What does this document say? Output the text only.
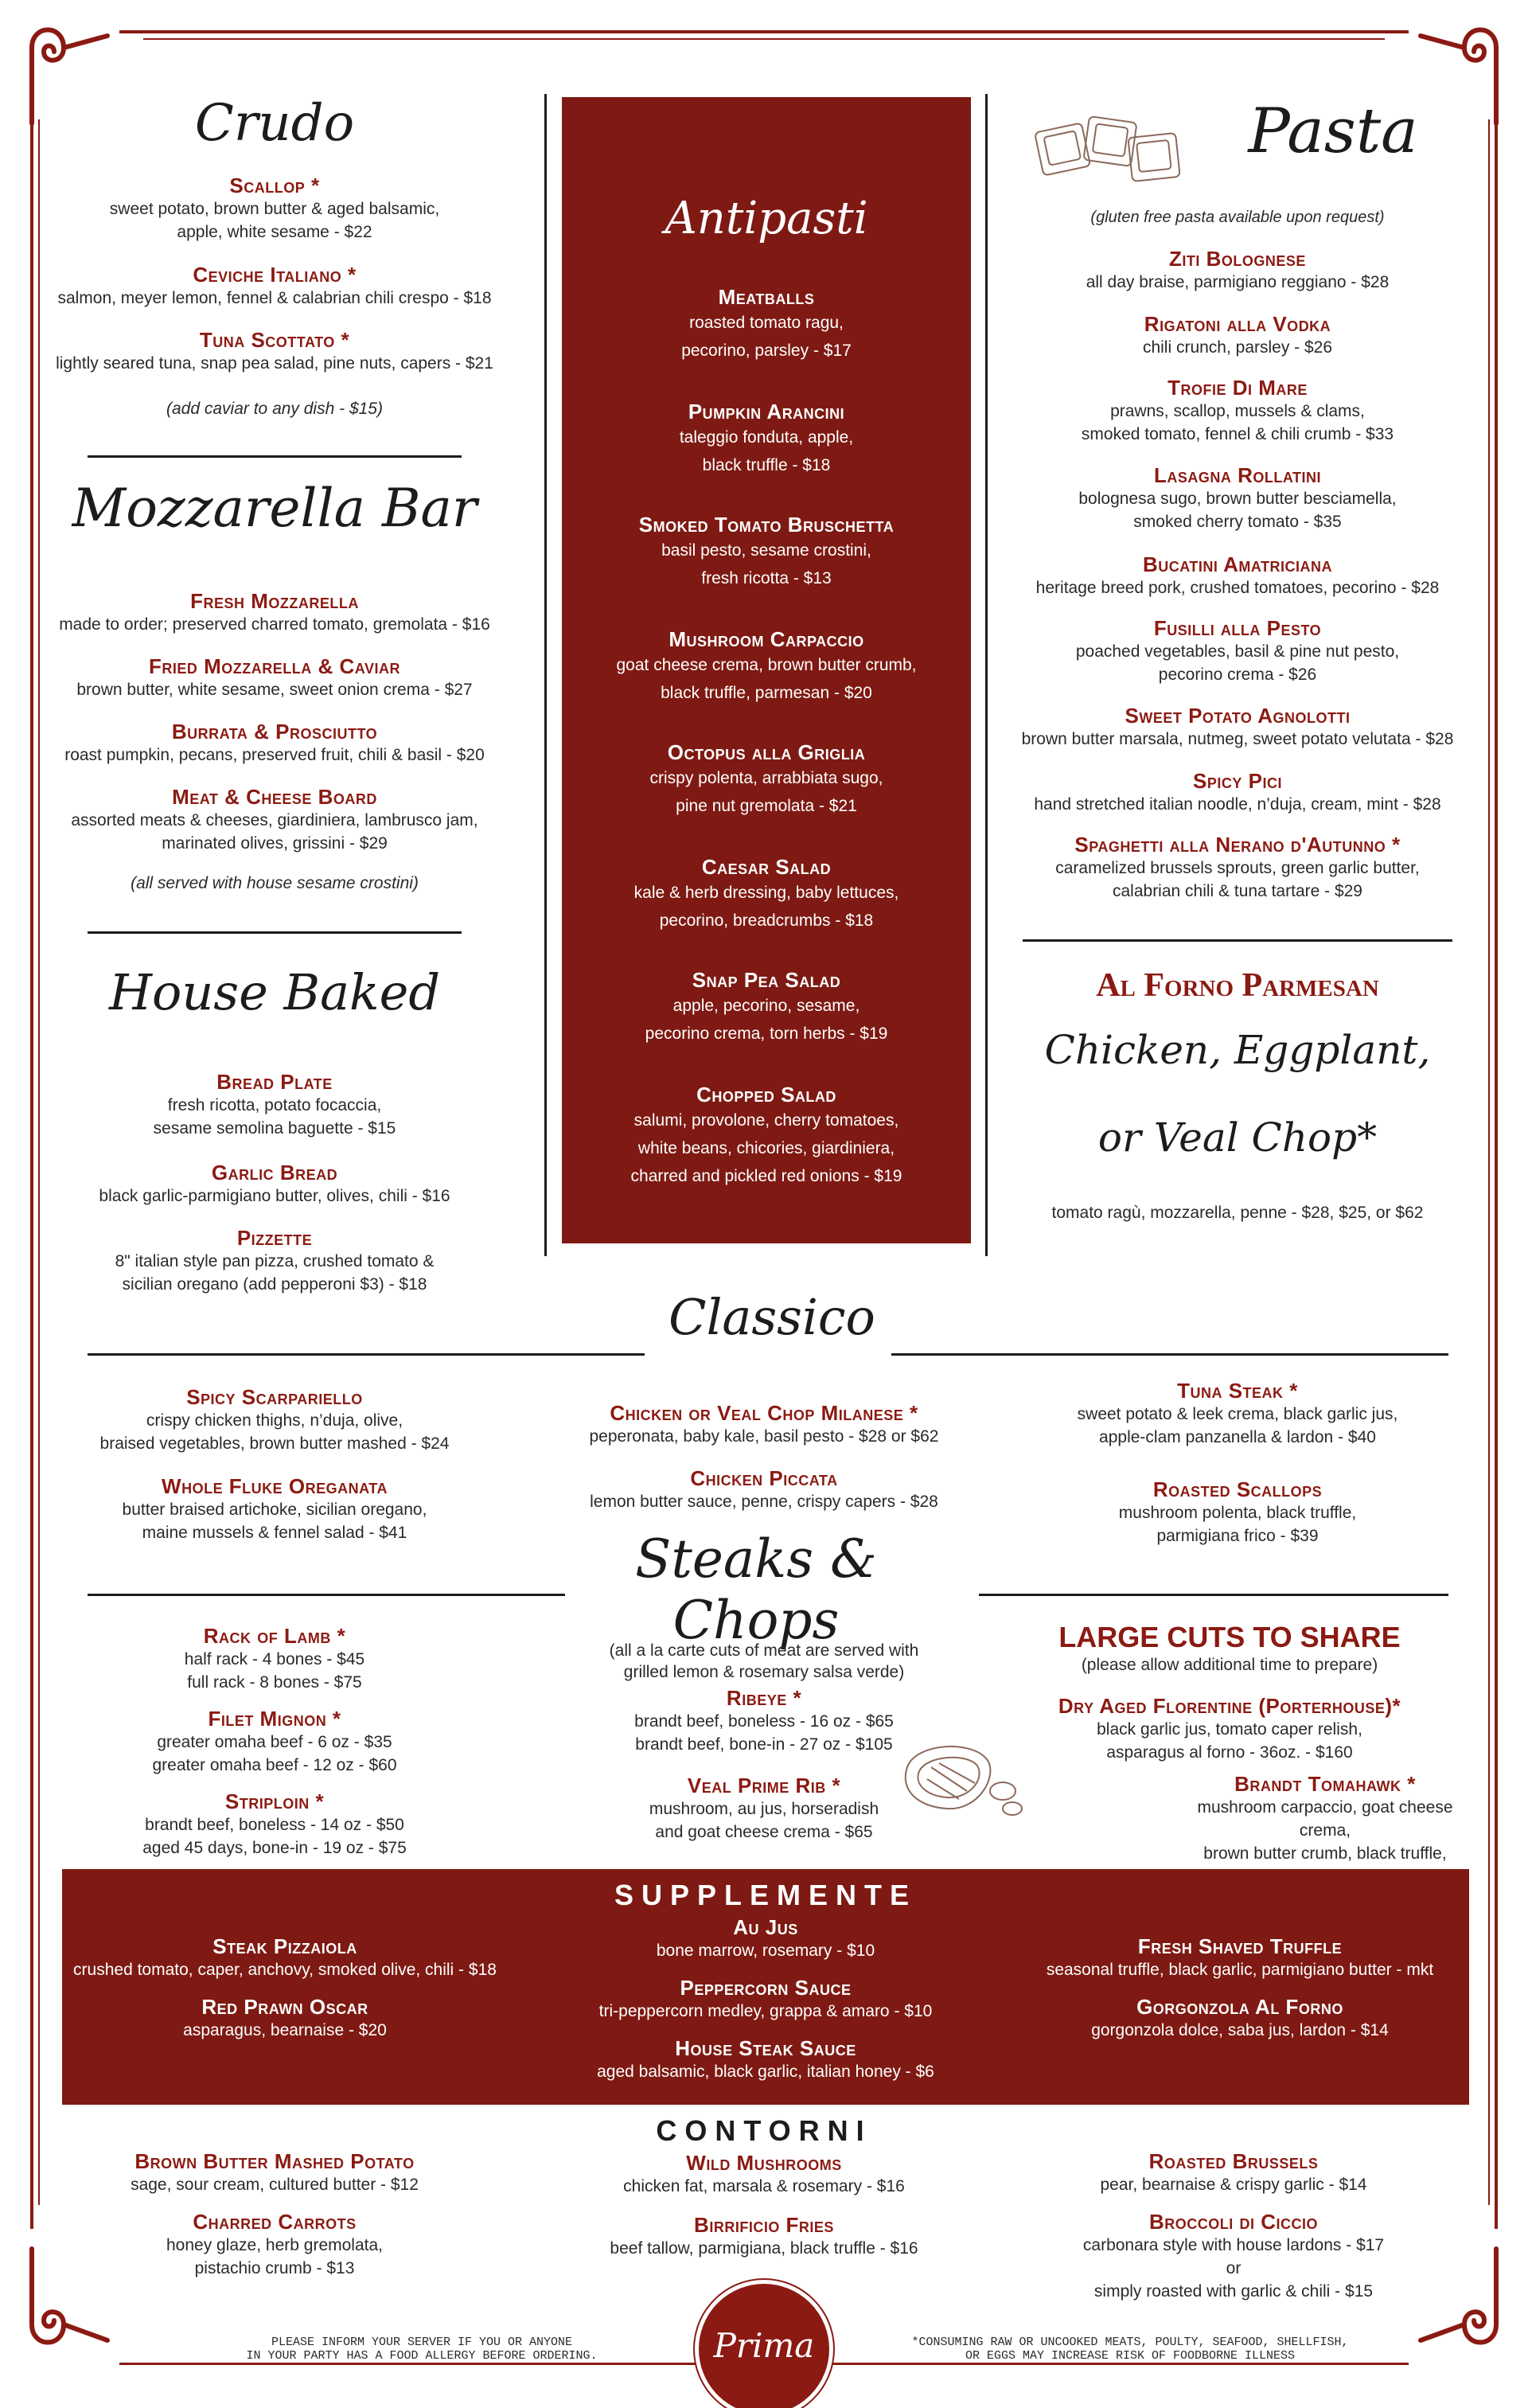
Crudo
Scallop *
sweet potato, brown butter & aged balsamic,
apple, white sesame - $22
Ceviche Italiano *
salmon, meyer lemon, fennel & calabrian chili crespo - $18
Tuna Scottato *
lightly seared tuna, snap pea salad, pine nuts, capers - $21
(add caviar to any dish - $15)
Mozzarella Bar
Fresh Mozzarella
made to order; preserved charred tomato, gremolata - $16
Fried Mozzarella & Caviar
brown butter, white sesame, sweet onion crema - $27
Burrata & Prosciutto
roast pumpkin, pecans, preserved fruit, chili & basil - $20
Meat & Cheese Board
assorted meats & cheeses, giardiniera, lambrusco jam,
marinated olives, grissini - $29
(all served with house sesame crostini)
House Baked
Bread Plate
fresh ricotta, potato focaccia,
sesame semolina baguette - $15
Garlic Bread
black garlic-parmigiano butter, olives, chili - $16
Pizzette
8" italian style pan pizza, crushed tomato &
sicilian oregano (add pepperoni $3) - $18
Antipasti
Meatballs
roasted tomato ragu,
pecorino, parsley - $17
Pumpkin Arancini
taleggio fonduta, apple,
black truffle - $18
Smoked Tomato Bruschetta
basil pesto, sesame crostini,
fresh ricotta - $13
Mushroom Carpaccio
goat cheese crema, brown butter crumb,
black truffle, parmesan - $20
Octopus alla Griglia
crispy polenta, arrabbiata sugo,
pine nut gremolata - $21
Caesar Salad
kale & herb dressing, baby lettuces,
pecorino, breadcrumbs - $18
Snap Pea Salad
apple, pecorino, sesame,
pecorino crema, torn herbs - $19
Chopped Salad
salumi, provolone, cherry tomatoes,
white beans, chicories, giardiniera,
charred and pickled red onions - $19
Pasta
(gluten free pasta available upon request)
Ziti Bolognese
all day braise, parmigiano reggiano - $28
Rigatoni alla Vodka
chili crunch, parsley - $26
Trofie Di Mare
prawns, scallop, mussels & clams,
smoked tomato, fennel & chili crumb - $33
Lasagna Rollatini
bolognesa sugo, brown butter besciamella,
smoked cherry tomato - $35
Bucatini Amatriciana
heritage breed pork, crushed tomatoes, pecorino - $28
Fusilli alla Pesto
poached vegetables, basil & pine nut pesto,
pecorino crema - $26
Sweet Potato Agnolotti
brown butter marsala, nutmeg, sweet potato velutata - $28
Spicy Pici
hand stretched italian noodle, n’duja, cream, mint - $28
Spaghetti alla Nerano d'Autunno *
caramelized brussels sprouts, green garlic butter,
calabrian chili & tuna tartare - $29
Al Forno Parmesan
Chicken, Eggplant,
or Veal Chop*
tomato ragù, mozzarella, penne - $28, $25, or $62
Classico
Spicy Scarpariello
crispy chicken thighs, n’duja, olive,
braised vegetables, brown butter mashed - $24
Whole Fluke Oreganata
butter braised artichoke, sicilian oregano,
maine mussels & fennel salad - $41
Chicken or Veal Chop Milanese *
peperonata, baby kale, basil pesto - $28 or $62
Chicken Piccata
lemon butter sauce, penne, crispy capers - $28
Tuna Steak *
sweet potato & leek crema, black garlic jus,
apple-clam panzanella & lardon - $40
Roasted Scallops
mushroom polenta, black truffle,
parmigiana frico - $39
Steaks & Chops
Rack of Lamb *
half rack - 4 bones - $45
full rack - 8 bones - $75
Filet Mignon *
greater omaha beef - 6 oz - $35
greater omaha beef - 12 oz - $60
Striploin *
brandt beef, boneless - 14 oz - $50
aged 45 days, bone-in - 19 oz - $75
(all a la carte cuts of meat are served with
grilled lemon & rosemary salsa verde)
Ribeye *
brandt beef, boneless - 16 oz - $65
brandt beef, bone-in - 27 oz - $105
Veal Prime Rib *
mushroom, au jus, horseradish
and goat cheese crema - $65
LARGE CUTS TO SHARE
(please allow additional time to prepare)
Dry Aged Florentine (Porterhouse)*
black garlic jus, tomato caper relish,
asparagus al forno - 36oz. - $160
Brandt Tomahawk *
mushroom carpaccio, goat cheese crema,
brown butter crumb, black truffle,

SUPPLEMENTE
Steak Pizzaiola
crushed tomato, caper, anchovy, smoked olive, chili - $18
Red Prawn Oscar
asparagus, bearnaise - $20
Au Jus
bone marrow, rosemary - $10
Peppercorn Sauce
tri-peppercorn medley, grappa & amaro - $10
House Steak Sauce
aged balsamic, black garlic, italian honey - $6
Fresh Shaved Truffle
seasonal truffle, black garlic, parmigiano butter - mkt
Gorgonzola Al Forno
gorgonzola dolce, saba jus, lardon - $14
CONTORNI
Brown Butter Mashed Potato
sage, sour cream, cultured butter - $12
Charred Carrots
honey glaze, herb gremolata,
pistachio crumb - $13
Wild Mushrooms
chicken fat, marsala & rosemary - $16
Birrificio Fries
beef tallow, parmigiana, black truffle - $16
Roasted Brussels
pear, bearnaise & crispy garlic - $14
Broccoli di Ciccio
carbonara style with house lardons - $17
or
simply roasted with garlic & chili - $15
PLEASE INFORM YOUR SERVER IF YOU OR ANYONE
IN YOUR PARTY HAS A FOOD ALLERGY BEFORE ORDERING.	Prima	*CONSUMING RAW OR UNCOOKED MEATS, POULTY, SEAFOOD, SHELLFISH,
OR EGGS MAY INCREASE RISK OF FOODBORNE ILLNESS
